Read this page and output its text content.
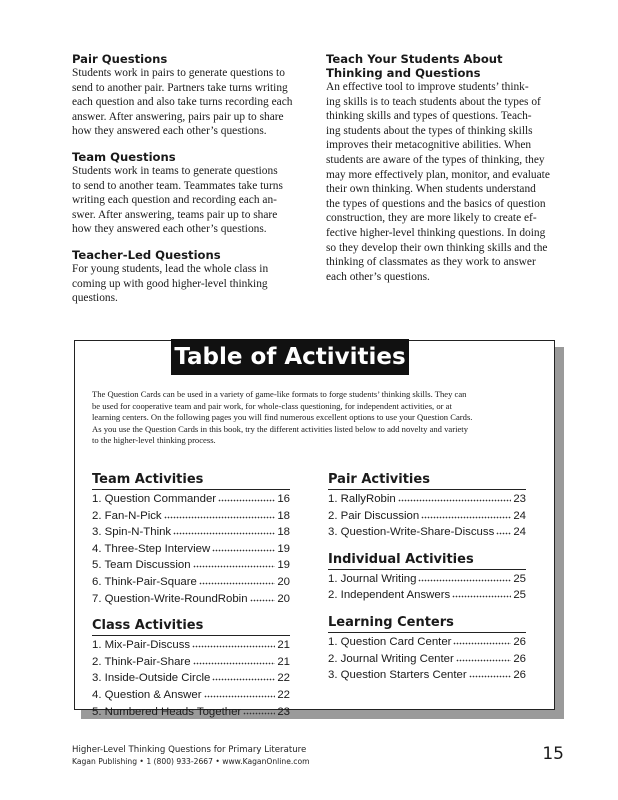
Pair Questions

Students work in pairs to generate questions to
send to another pair. Partners take turns writing
each question and also take turns recording each
answer. After answering, pairs pair up to share
how they answered each other’s questions.

Team Questions

Students work in teams to generate questions
to send to another team. Teammates take turns
writing each question and recording each an-
swer. After answering, teams pair up to share
how they answered each other’s questions.

Teacher-Led Questions

For young students, lead the whole class in
coming up with good higher-level thinking
questions.

Teach Your Students About Thinking and Questions

An effective tool to improve students’ think-
ing skills is to teach students about the types of
thinking skills and types of questions. Teach-
ing students about the types of thinking skills
improves their metacognitive abilities. When
students are aware of the types of thinking, they
may more effectively plan, monitor, and evaluate
their own thinking. When students understand
the types of questions and the basics of question
construction, they are more likely to create ef-
fective higher-level thinking questions. In doing
so they develop their own thinking skills and the
thinking of classmates as they work to answer
each other’s questions.

Table of Activities

The Question Cards can be used in a variety of game-like formats to forge students’ thinking skills. They can
be used for cooperative team and pair work, for whole-class questioning, for independent activities, or at
learning centers. On the following pages you will find numerous excellent options to use your Question Cards.
As you use the Question Cards in this book, try the different activities listed below to add novelty and variety
to the higher-level thinking process.

Team Activities
1. Question Commander	16
2. Fan-N-Pick	18
3. Spin-N-Think	18
4. Three-Step Interview	19
5. Team Discussion	19
6. Think-Pair-Square	20
7. Question-Write-RoundRobin	20
Class Activities
1. Mix-Pair-Discuss	21
2. Think-Pair-Share	21
3. Inside-Outside Circle	22
4. Question & Answer	22
5. Numbered Heads Together	23
Pair Activities
1. RallyRobin	23
2. Pair Discussion	24
3. Question-Write-Share-Discuss 24
Individual Activities
1. Journal Writing	25
2. Independent Answers	25
Learning Centers
1. Question Card Center	26
2. Journal Writing Center	26
3. Question Starters Center	26
Higher-Level Thinking Questions for Primary Literature
Kagan Publishing • 1 (800) 933-2667 • www.KaganOnline.com	15
